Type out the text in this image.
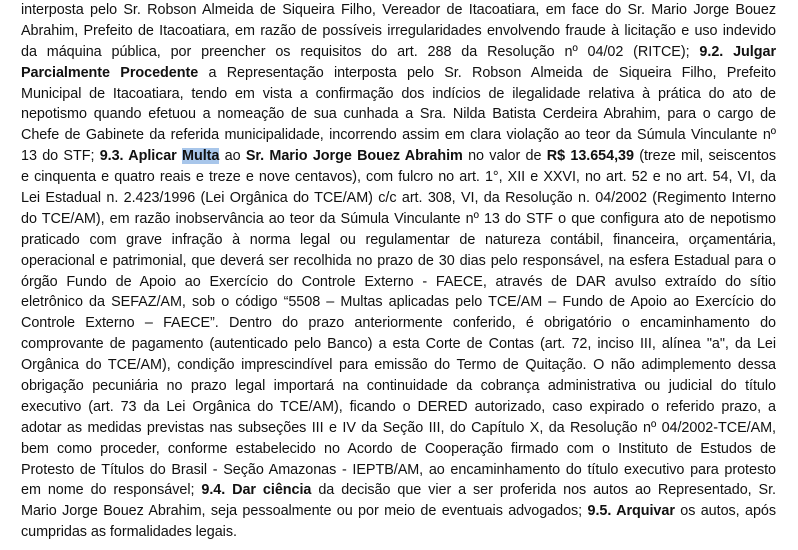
interposta pelo Sr. Robson Almeida de Siqueira Filho, Vereador de Itacoatiara, em face do Sr. Mario Jorge Bouez
Abrahim, Prefeito de Itacoatiara, em razão de possíveis irregularidades envolvendo fraude à licitação e uso indevido
da máquina pública, por preencher os requisitos do art. 288 da Resolução nº 04/02 (RITCE); 9.2. Julgar
Parcialmente Procedente a Representação interposta pelo Sr. Robson Almeida de Siqueira Filho, Prefeito
Municipal de Itacoatiara, tendo em vista a confirmação dos indícios de ilegalidade relativa à prática do ato de
nepotismo quando efetuou a nomeação de sua cunhada a Sra. Nilda Batista Cerdeira Abrahim, para o cargo de
Chefe de Gabinete da referida municipalidade, incorrendo assim em clara violação ao teor da Súmula Vinculante nº
13 do STF; 9.3. Aplicar Multa ao Sr. Mario Jorge Bouez Abrahim no valor de R$ 13.654,39 (treze mil, seiscentos
e cinquenta e quatro reais e treze e nove centavos), com fulcro no art. 1°, XII e XXVI, no art. 52 e no art. 54, VI, da
Lei Estadual n. 2.423/1996 (Lei Orgânica do TCE/AM) c/c art. 308, VI, da Resolução n. 04/2002 (Regimento Interno
do TCE/AM), em razão inobservância ao teor da Súmula Vinculante nº 13 do STF o que configura ato de nepotismo
praticado com grave infração à norma legal ou regulamentar de natureza contábil, financeira, orçamentária,
operacional e patrimonial, que deverá ser recolhida no prazo de 30 dias pelo responsável, na esfera Estadual para o
órgão Fundo de Apoio ao Exercício do Controle Externo - FAECE, através de DAR avulso extraído do sítio
eletrônico da SEFAZ/AM, sob o código “5508 – Multas aplicadas pelo TCE/AM – Fundo de Apoio ao Exercício do
Controle Externo – FAECE”. Dentro do prazo anteriormente conferido, é obrigatório o encaminhamento do
comprovante de pagamento (autenticado pelo Banco) a esta Corte de Contas (art. 72, inciso III, alínea "a", da Lei
Orgânica do TCE/AM), condição imprescindível para emissão do Termo de Quitação. O não adimplemento dessa
obrigação pecuniária no prazo legal importará na continuidade da cobrança administrativa ou judicial do título
executivo (art. 73 da Lei Orgânica do TCE/AM), ficando o DERED autorizado, caso expirado o referido prazo, a
adotar as medidas previstas nas subseções III e IV da Seção III, do Capítulo X, da Resolução nº 04/2002-TCE/AM,
bem como proceder, conforme estabelecido no Acordo de Cooperação firmado com o Instituto de Estudos de
Protesto de Títulos do Brasil - Seção Amazonas - IEPTB/AM, ao encaminhamento do título executivo para protesto
em nome do responsável; 9.4. Dar ciência da decisão que vier a ser proferida nos autos ao Representado, Sr.
Mario Jorge Bouez Abrahim, seja pessoalmente ou por meio de eventuais advogados; 9.5. Arquivar os autos, após
cumpridas as formalidades legais.
